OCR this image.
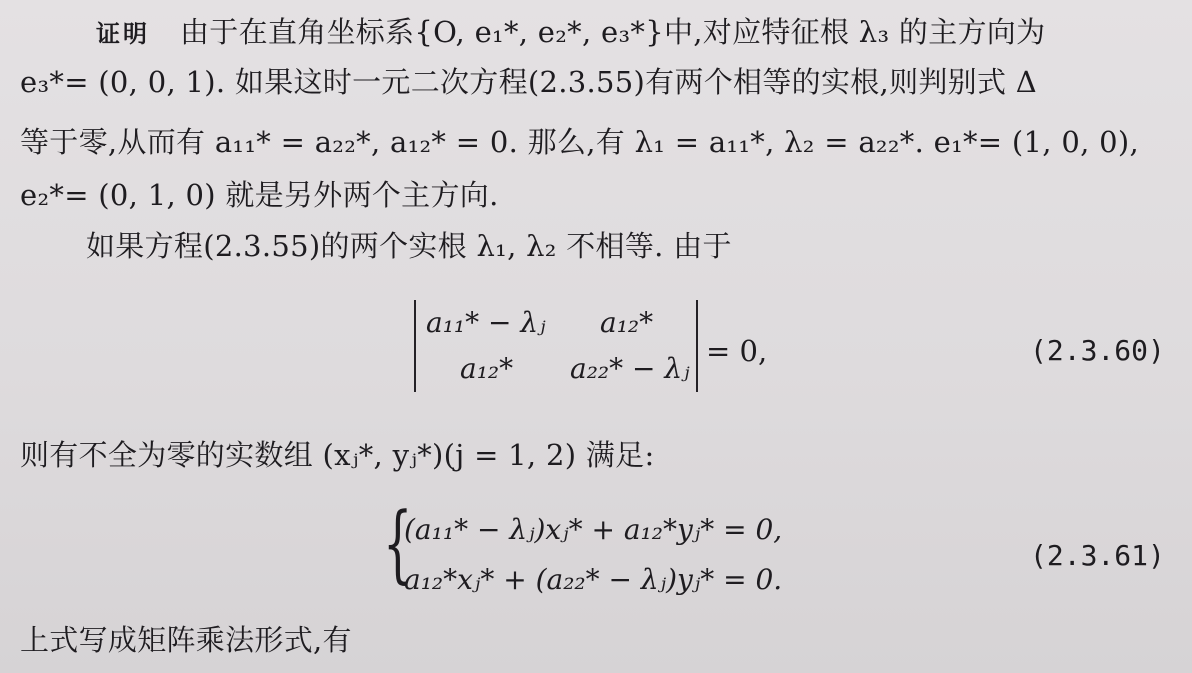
证明 由于在直角坐标系{O, e₁*, e₂*, e₃*}中,对应特征根 λ₃ 的主方向为
e₃*= (0, 0, 1). 如果这时一元二次方程(2.3.55)有两个相等的实根,则判别式 Δ
等于零,从而有 a₁₁* = a₂₂*, a₁₂* = 0. 那么,有 λ₁ = a₁₁*, λ₂ = a₂₂*. e₁*= (1, 0, 0),
e₂*= (0, 1, 0) 就是另外两个主方向.
如果方程(2.3.55)的两个实根 λ₁, λ₂ 不相等. 由于
a₁₁* − λⱼ a₁₂*
a₁₂* a₂₂* − λⱼ
= 0,	(2.3.60)
则有不全为零的实数组 (xⱼ*, yⱼ*)(j = 1, 2) 满足:
{
(a₁₁* − λⱼ)xⱼ* + a₁₂*yⱼ* = 0,
a₁₂*xⱼ* + (a₂₂* − λⱼ)yⱼ* = 0.
(2.3.61)
上式写成矩阵乘法形式,有
